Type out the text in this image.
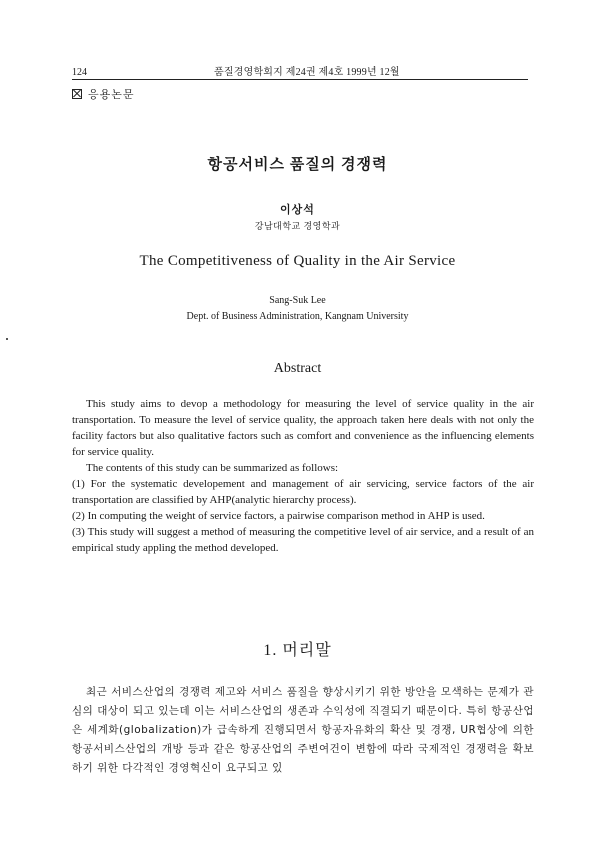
124	품질경영학회지 제24권 제4호 1999년 12월
응용논문
항공서비스 품질의 경쟁력
이상석
강남대학교 경영학과
The Competitiveness of Quality in the Air Service
Sang-Suk Lee
Dept. of Business Administration, Kangnam University
Abstract

This study aims to devop a methodology for measuring the level of service quality in the air transportation. To measure the level of service quality, the approach taken here deals with not only the facility factors but also qualitative factors such as comfort and convenience as the influencing elements for service quality.

The contents of this study can be summarized as follows:

(1) For the systematic developement and management of air servicing, service factors of the air transportation are classified by AHP(analytic hierarchy process).

(2) In computing the weight of service factors, a pairwise comparison method in AHP is used.

(3) This study will suggest a method of measuring the competitive level of air service, and a result of an empirical study appling the method developed.

1. 머리말

최근 서비스산업의 경쟁력 제고와 서비스 품질을 향상시키기 위한 방안을 모색하는 문제가 관심의 대상이 되고 있는데 이는 서비스산업의 생존과 수익성에 직결되기 때문이다. 특히 항공산업은 세계화(globalization)가 급속하게 진행되면서 항공자유화의 확산 및 경쟁, UR협상에 의한 항공서비스산업의 개방 등과 같은 항공산업의 주변여건이 변함에 따라 국제적인 경쟁력을 확보하기 위한 다각적인 경영혁신이 요구되고 있
